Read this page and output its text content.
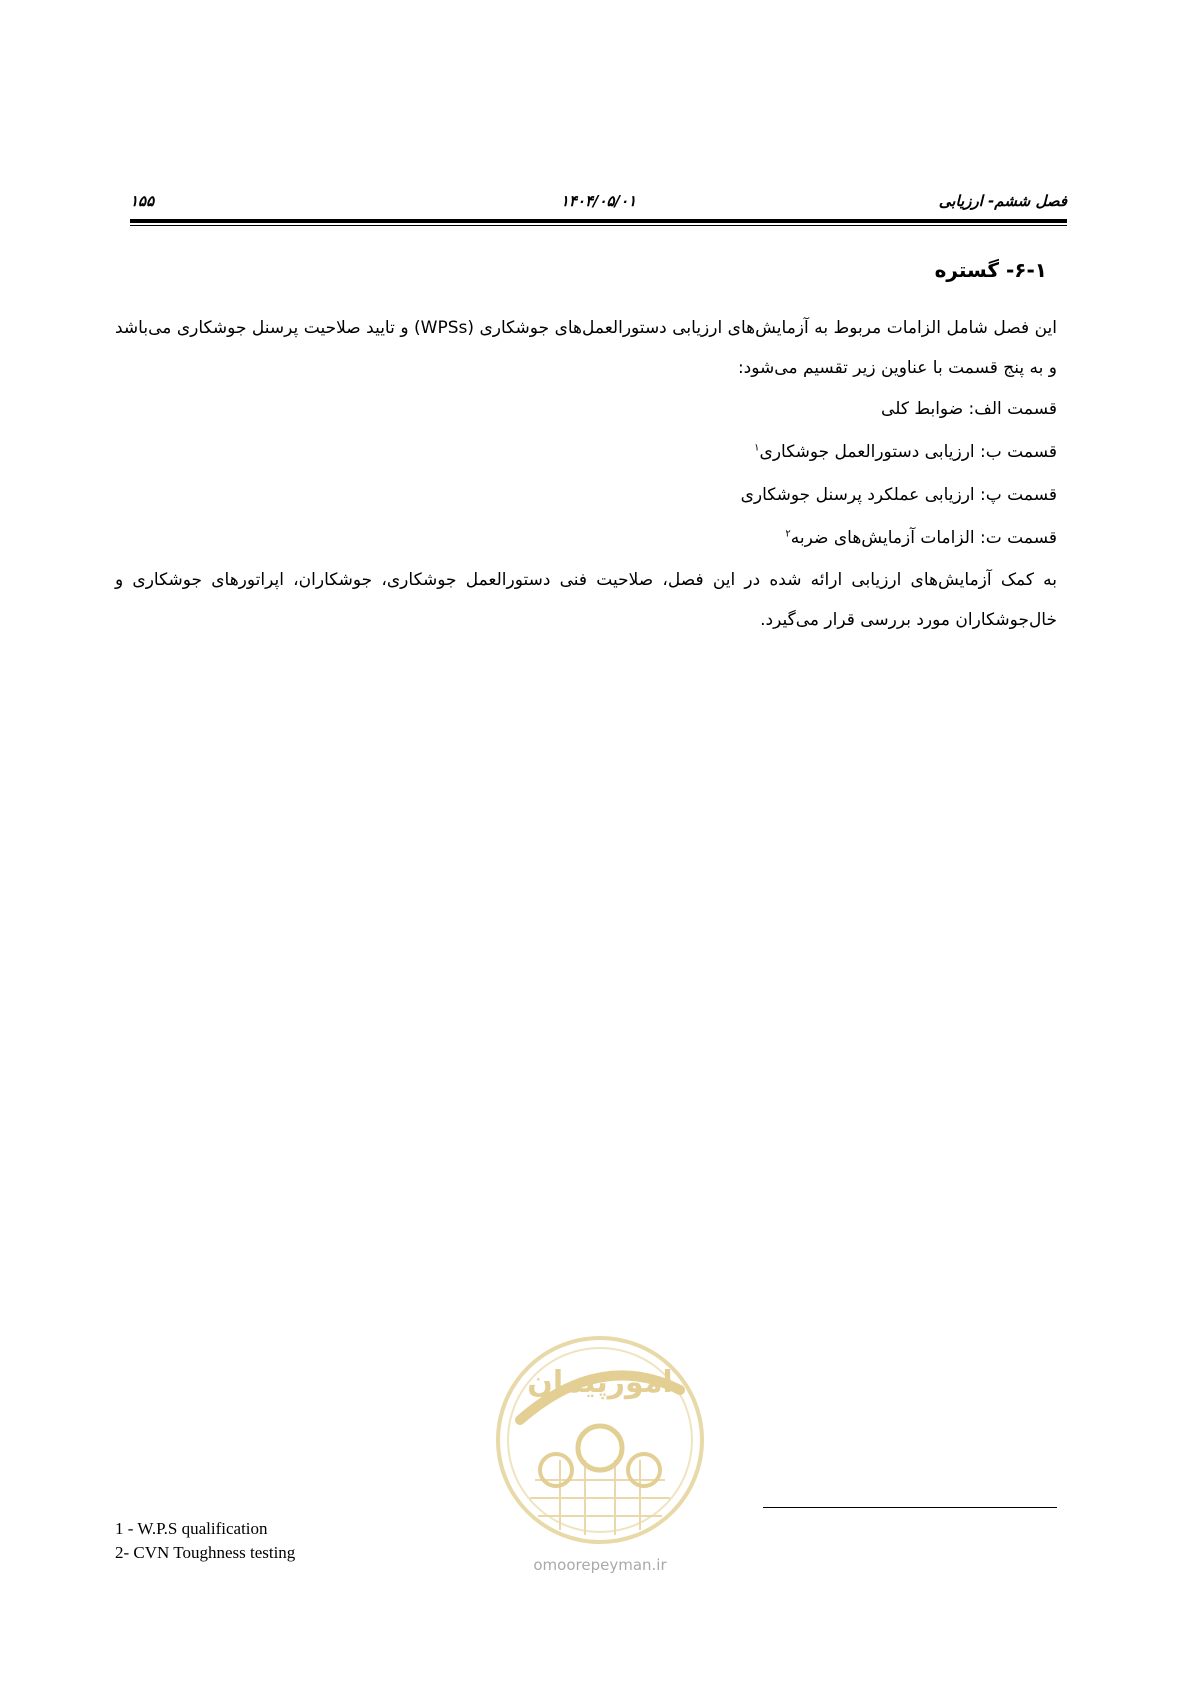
فصل ششم- ارزیابی
۱۴۰۴/۰۵/۰۱
۱۵۵
۶-۱- گستره

این فصل شامل الزامات مربوط به آزمایش‌های ارزیابی دستورالعمل‌های جوشکاری (WPSs) و تایید صلاحیت پرسنل جوشکاری می‌باشد و به پنج قسمت با عناوین زیر تقسیم می‌شود:

قسمت الف: ضوابط کلی

قسمت ب: ارزیابی دستورالعمل جوشکاری$^۱$

قسمت پ: ارزیابی عملکرد پرسنل جوشکاری

قسمت ت: الزامات آزمایش‌های ضربه$^۲$

به کمک آزمایش‌های ارزیابی ارائه شده در این فصل، صلاحیت فنی دستورالعمل جوشکاری، جوشکاران، اپراتورهای جوشکاری و خال‌جوشکاران مورد بررسی قرار می‌گیرد.

امورپیمان
omoorepeyman.ir
1 - W.P.S qualification
2- CVN Toughness testing
